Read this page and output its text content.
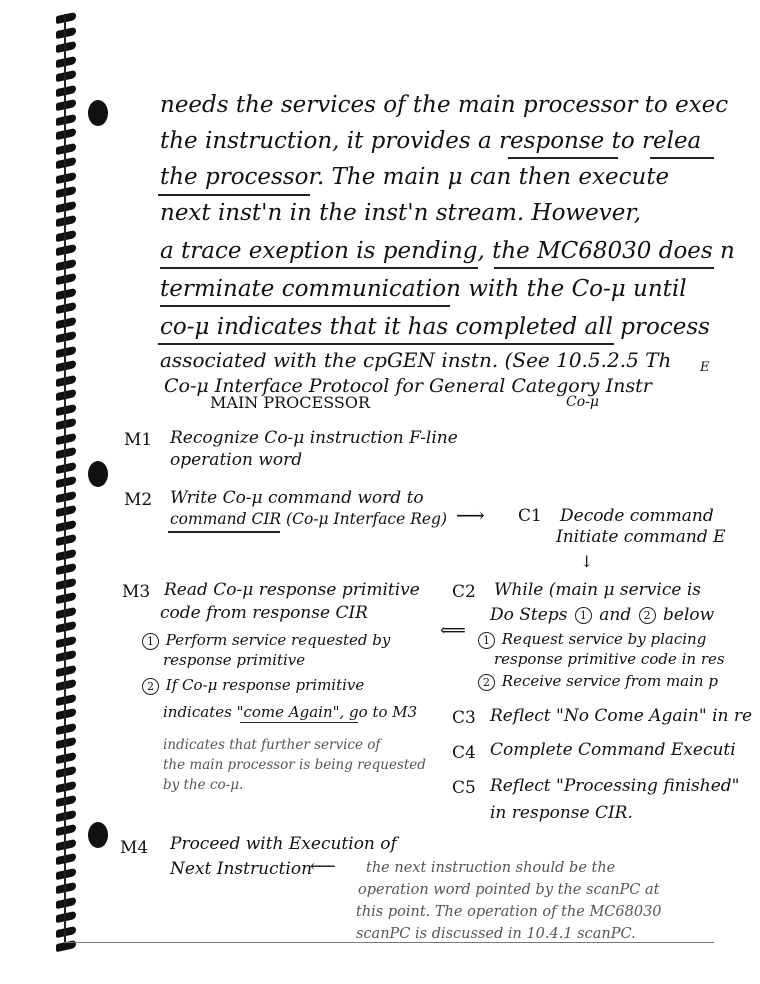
needs the services of the main processor to exec
the instruction, it provides a response to relea
the processor. The main μ can then execute
next inst'n in the inst'n stream. However,
a trace exeption is pending, the MC68030 does n
terminate communication with the Co-μ until
co-μ indicates that it has completed all process
associated with the cpGEN instn. (See 10.5.2.5 Th E
Co-μ Interface Protocol for General Category Instr
MAIN PROCESSOR	Co-μ
M1 Recognize Co-μ instruction F-line
operation word
M2 Write Co-μ command word to
command CIR (Co-μ Interface Reg) ⟶ C1 Decode command
Initiate command E
↓
M3 Read Co-μ response primitive
code from response CIR
1 Perform service requested by
response primitive
2 If Co-μ response primitive
indicates "come Again", go to M3
indicates that further service of
the main processor is being requested
by the co-μ.
C2 While (main μ service is
Do Steps 1 and 2 below
⟸	1 Request service by placing
response primitive code in res
2 Receive service from main p
C3 Reflect "No Come Again" in re
C4 Complete Command Executi
C5 Reflect "Processing finished"
in response CIR.
M4 Proceed with Execution of
Next Instruction
⟵ the next instruction should be the
operation word pointed by the scanPC at
this point. The operation of the MC68030
scanPC is discussed in 10.4.1 scanPC.
